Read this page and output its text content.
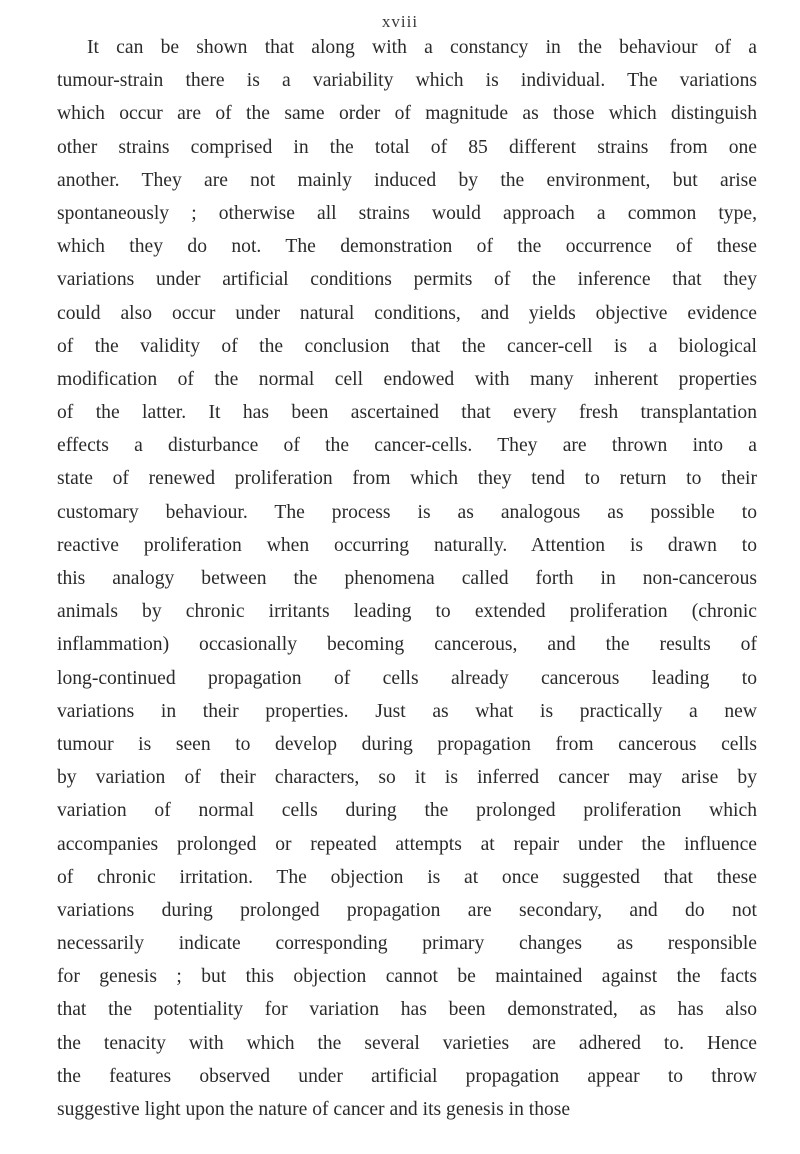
xviii
It can be shown that along with a constancy in the behaviour of a
tumour-strain there is a variability which is individual. The variations
which occur are of the same order of magnitude as those which distinguish
other strains comprised in the total of 85 different strains from one
another. They are not mainly induced by the environment, but arise
spontaneously ; otherwise all strains would approach a common type,
which they do not. The demonstration of the occurrence of these
variations under artificial conditions permits of the inference that they
could also occur under natural conditions, and yields objective evidence
of the validity of the conclusion that the cancer-cell is a biological
modification of the normal cell endowed with many inherent properties
of the latter. It has been ascertained that every fresh transplantation
effects a disturbance of the cancer-cells. They are thrown into a
state of renewed proliferation from which they tend to return to their
customary behaviour. The process is as analogous as possible to
reactive proliferation when occurring naturally. Attention is drawn to
this analogy between the phenomena called forth in non-cancerous
animals by chronic irritants leading to extended proliferation (chronic
inflammation) occasionally becoming cancerous, and the results of
long-continued propagation of cells already cancerous leading to
variations in their properties. Just as what is practically a new
tumour is seen to develop during propagation from cancerous cells
by variation of their characters, so it is inferred cancer may arise by
variation of normal cells during the prolonged proliferation which
accompanies prolonged or repeated attempts at repair under the influence
of chronic irritation. The objection is at once suggested that these
variations during prolonged propagation are secondary, and do not
necessarily indicate corresponding primary changes as responsible
for genesis ; but this objection cannot be maintained against the facts
that the potentiality for variation has been demonstrated, as has also
the tenacity with which the several varieties are adhered to. Hence
the features observed under artificial propagation appear to throw
suggestive light upon the nature of cancer and its genesis in those
